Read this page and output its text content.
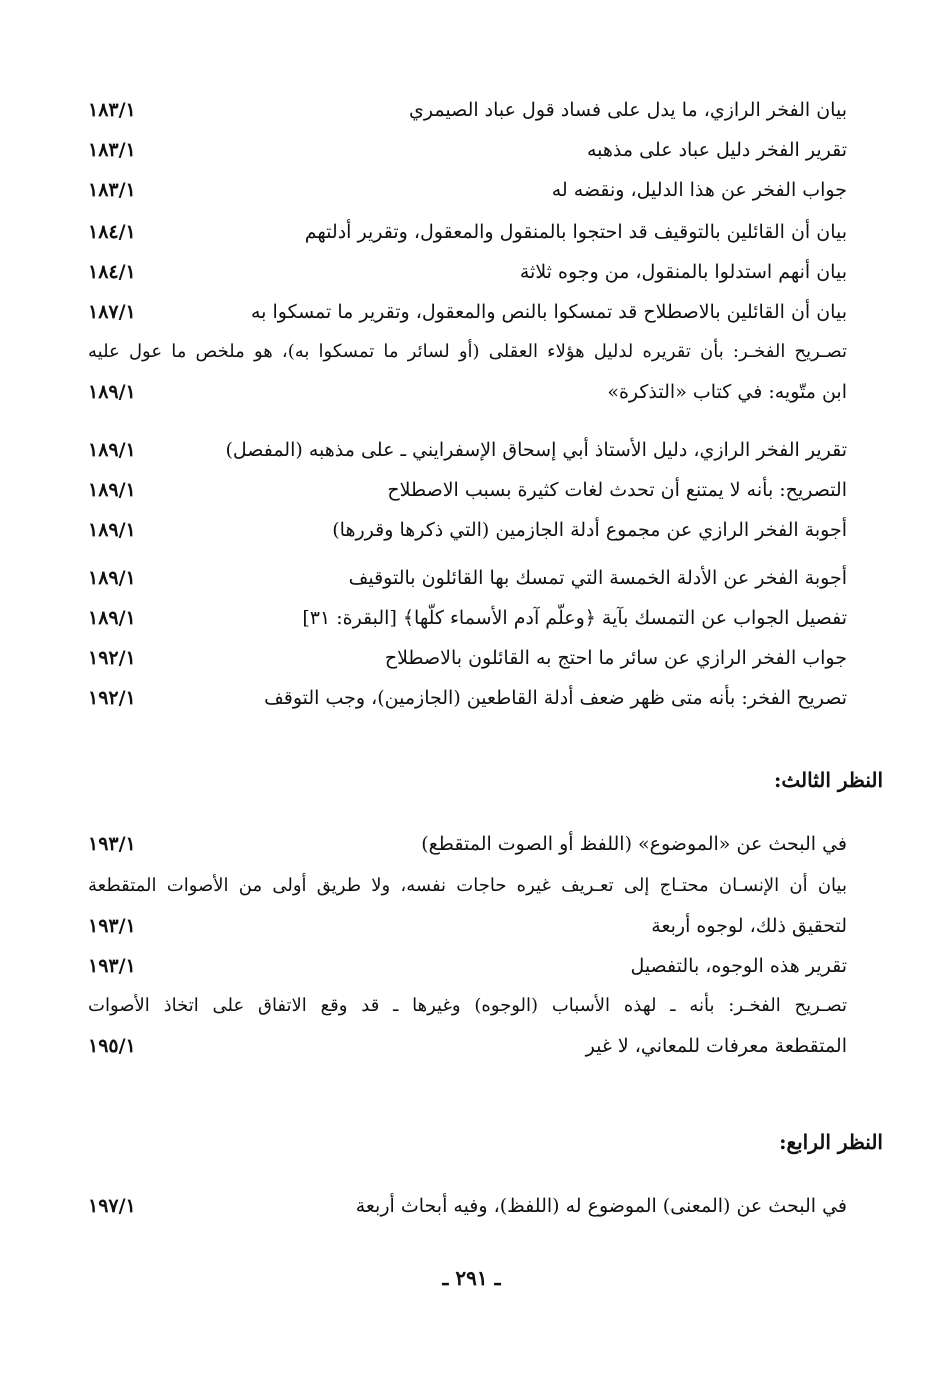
بيان الفخر الرازي، ما يدل على فساد قول عباد الصيمري
١٨٣/١
تقرير الفخر دليل عباد على مذهبه
١٨٣/١
جواب الفخر عن هذا الدليل، ونقضه له
١٨٣/١
بيان أن القائلين بالتوقيف قد احتجوا بالمنقول والمعقول، وتقرير أدلتهم
١٨٤/١
بيان أنهم استدلوا بالمنقول، من وجوه ثلاثة
١٨٤/١
بيان أن القائلين بالاصطلاح قد تمسكوا بالنص والمعقول، وتقرير ما تمسكوا به
١٨٧/١
تصـريح الفخـر: بأن تقريره لدليل هؤلاء العقلى (أو لسائر ما تمسكوا به)، هو ملخص ما عول عليه
ابن متّويه: في كتاب «التذكرة»
١٨٩/١
تقرير الفخر الرازي، دليل الأستاذ أبي إسحاق الإسفرايني ـ على مذهبه (المفصل)
١٨٩/١
التصريح: بأنه لا يمتنع أن تحدث لغات كثيرة بسبب الاصطلاح
١٨٩/١
أجوبة الفخر الرازي عن مجموع أدلة الجازمين (التي ذكرها وقررها)
١٨٩/١
أجوبة الفخر عن الأدلة الخمسة التي تمسك بها القائلون بالتوقيف
١٨٩/١
تفصيل الجواب عن التمسك بآية ﴿وعلّم آدم الأسماء كلّها﴾ [البقرة: ٣١]
١٨٩/١
جواب الفخر الرازي عن سائر ما احتج به القائلون بالاصطلاح
١٩٢/١
تصريح الفخر: بأنه متى ظهر ضعف أدلة القاطعين (الجازمين)، وجب التوقف
١٩٢/١
النظر الثالث:
في البحث عن «الموضوع» (اللفظ أو الصوت المتقطع)
١٩٣/١
بيان أن الإنسـان محتـاج إلى تعـريف غيره حاجات نفسه، ولا طريق أولى من الأصوات المتقطعة
لتحقيق ذلك، لوجوه أربعة
١٩٣/١
تقرير هذه الوجوه، بالتفصيل
١٩٣/١
تصـريح الفخـر: بأنه ـ لهذه الأسباب (الوجوه) وغيرها ـ قد وقع الاتفاق على اتخاذ الأصوات
المتقطعة معرفات للمعاني، لا غير
١٩٥/١
النظر الرابع:
في البحث عن (المعنى) الموضوع له (اللفظ)، وفيه أبحاث أربعة
١٩٧/١
ـ ٢٩١ ـ
